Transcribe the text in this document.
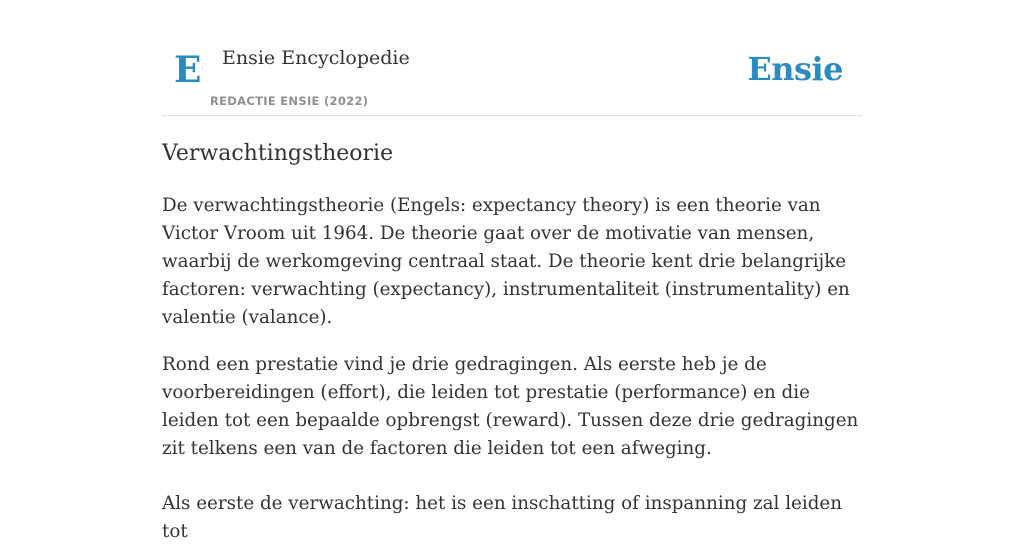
E Ensie Encyclopedie
REDACTIE ENSIE (2022)
Ensie
Verwachtingstheorie

De verwachtingstheorie (Engels: expectancy theory) is een theorie van Victor Vroom uit 1964. De theorie gaat over de motivatie van mensen, waarbij de werkomgeving centraal staat. De theorie kent drie belangrijke factoren: verwachting (expectancy), instrumentaliteit (instrumentality) en valentie (valance).

Rond een prestatie vind je drie gedragingen. Als eerste heb je de voorbereidingen (effort), die leiden tot prestatie (performance) en die leiden tot een bepaalde opbrengst (reward). Tussen deze drie gedragingen zit telkens een van de factoren die leiden tot een afweging.

Als eerste de verwachting: het is een inschatting of inspanning zal leiden tot
